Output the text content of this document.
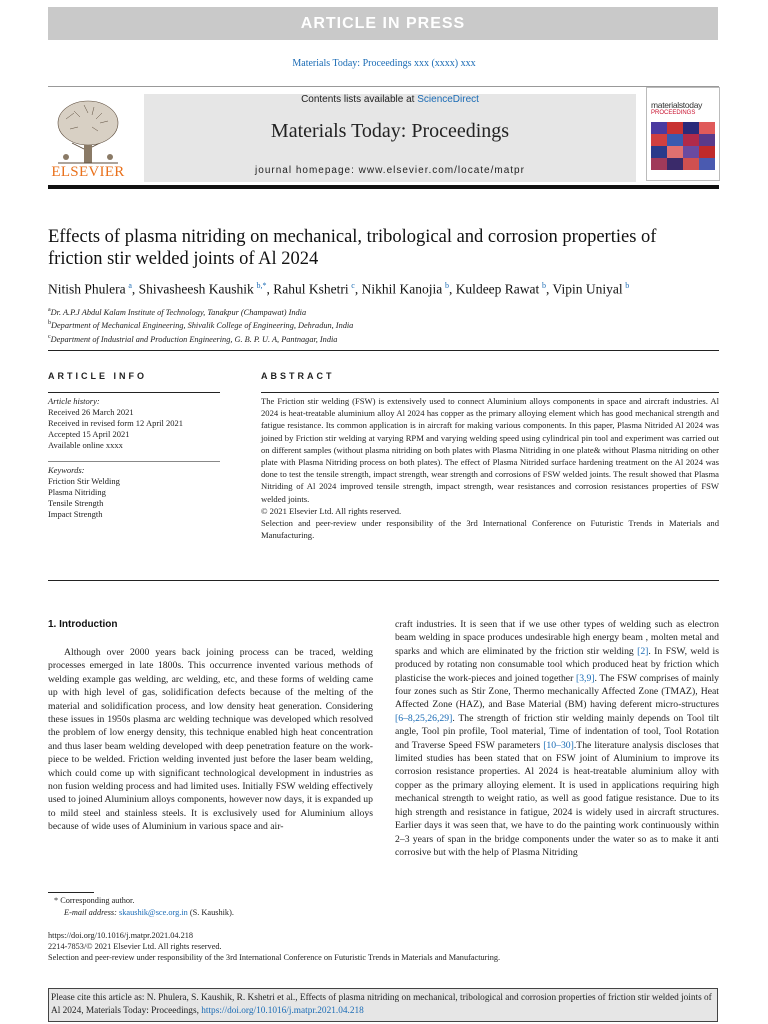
ARTICLE IN PRESS
Materials Today: Proceedings xxx (xxxx) xxx
ELSEVIER
Contents lists available at ScienceDirect
Materials Today: Proceedings
journal homepage: www.elsevier.com/locate/matpr
materialstoday
PROCEEDINGS
Effects of plasma nitriding on mechanical, tribological and corrosion properties of friction stir welded joints of Al 2024
Nitish Phulera  $^a$, Shivasheesh Kaushik  $^{b,*}$, Rahul Kshetri  $^c$, Nikhil Kanojia  $^b$, Kuldeep Rawat  $^b$, Vipin Uniyal  $^b$
$^a$Dr. A.P.J Abdul Kalam Institute of Technology, Tanakpur (Champawat) India
$^b$Department of Mechanical Engineering, Shivalik College of Engineering, Dehradun, India
$^c$Department of Industrial and Production Engineering, G. B. P. U. A, Pantnagar, India
ARTICLE INFO
Article history:
Received 26 March 2021
Received in revised form 12 April 2021
Accepted 15 April 2021
Available online xxxx
Keywords:
Friction Stir Welding
Plasma Nitriding
Tensile Strength
Impact Strength
ABSTRACT
The Friction stir welding (FSW) is extensively used to connect Aluminium alloys components in space and aircraft industries. Al 2024 is heat-treatable aluminium alloy Al 2024 has copper as the primary alloying element which has good mechanical strength and fatigue resistance. Its common application is in aircraft for making various components. In this paper, Plasma Nitrided Al 2024 was joined by Friction stir welding at varying RPM and varying welding speed using cylindrical pin tool and experiment was carried out on different samples (without plasma nitriding on both plates with Plasma Nitriding in one plate& without Plasma nitriding on other plate with Plasma Nitriding process on both plates). The effect of Plasma Nitrided surface hardening treatment on the Al 2024 was done to test the tensile strength, impact strength, wear strength and corrosions of FSW welded joints. The result showed that Plasma Nitriding of Al 2024 improved tensile strength, impact strength, wear resistances and corrosion resistances properties of FSW welded joints.
© 2021 Elsevier Ltd. All rights reserved.
Selection and peer-review under responsibility of the 3rd International Conference on Futuristic Trends in Materials and Manufacturing.
1. Introduction
Although over 2000 years back joining process can be traced, welding processes emerged in late 1800s. This occurrence invented various methods of welding example gas welding, arc welding, etc, and these forms of welding came up with high level of gas, solidification defects because of the melting of the material and solidification process, and low density heat generation. Considering these issues in 1950s plasma arc welding technique was developed which resolved the problem of low energy density, this technique enabled high heat concentration and thus laser beam welding developed with deep penetration feature on the work-piece to be welded. Friction welding invented just before the laser beam welding, which could come up with significant technological development in industries as non fusion welding process and had limited uses. Initially FSW welding effectively used to joined Aluminium alloys components, however now days, it is expanded up to mild steel and stainless steels. It is exclusively used for Aluminium alloys because of wide uses of Aluminium in various space and air-
craft industries. It is seen that if we use other types of welding such as electron beam welding in space produces undesirable high energy beam , molten metal and sparks and which are eliminated by the friction stir welding [2]. In FSW, weld is produced by rotating non consumable tool which produced heat by friction which plasticise the work-pieces and joined together [3,9]. The FSW comprises of mainly four zones such as Stir Zone, Thermo mechanically Affected Zone (TMAZ), Heat Affected Zone (HAZ), and Base Material (BM) having deferent micro-structures [6–8,25,26,29]. The strength of friction stir welding mainly depends on Tool tilt angle, Tool pin profile, Tool material, Time of indentation of tool, Tool Rotation and Traverse Speed FSW parameters [10–30].The literature analysis discloses that limited studies has been stated that on FSW joint of Aluminium to improve its corrosion resistance properties. Al 2024 is heat-treatable aluminium alloy with copper as the primary alloying element. It is used in applications requiring high mechanical strength to weight ratio, as well as good fatigue resistance. Due to its high strength and resistance in fatigue, 2024 is widely used in aircraft structures. Earlier days it was seen that, we have to do the painting work continuously within 2–3 years of span in the bridge components under the water so as to make it anti corrosive but with the help of Plasma Nitriding
* Corresponding author.
E-mail address: skaushik@sce.org.in (S. Kaushik).
https://doi.org/10.1016/j.matpr.2021.04.218
2214-7853/© 2021 Elsevier Ltd. All rights reserved.
Selection and peer-review under responsibility of the 3rd International Conference on Futuristic Trends in Materials and Manufacturing.
Please cite this article as: N. Phulera, S. Kaushik, R. Kshetri et al., Effects of plasma nitriding on mechanical, tribological and corrosion properties of friction stir welded joints of Al 2024, Materials Today: Proceedings, https://doi.org/10.1016/j.matpr.2021.04.218
